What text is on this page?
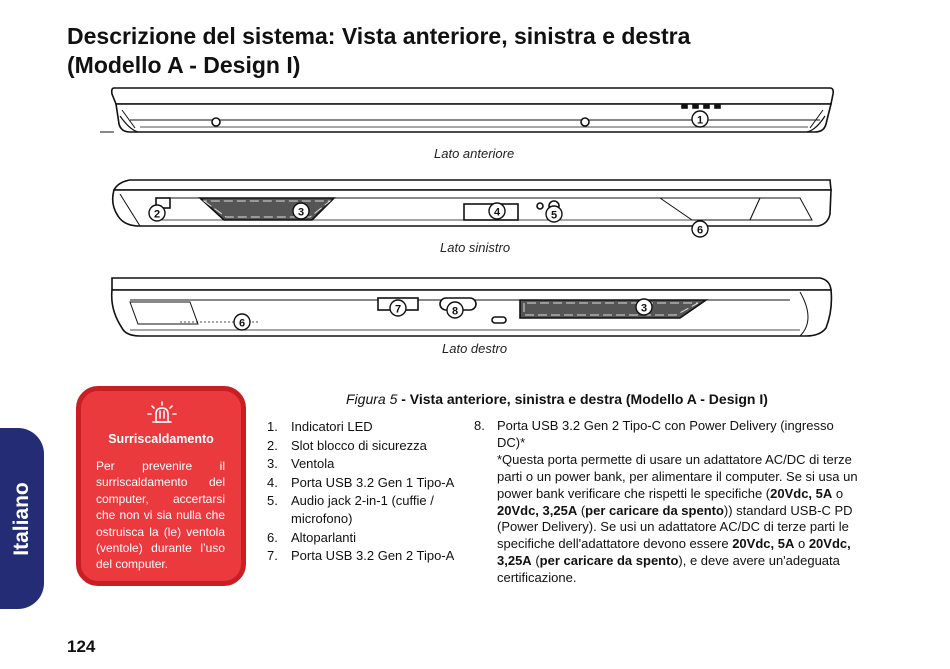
Descrizione del sistema: Vista anteriore, sinistra e destra
(Modello A - Design I)
1
2	3	4	5
6
6
7	8	3
Lato anteriore
Lato sinistro
Lato destro
Figura 5 - Vista anteriore, sinistra e destra (Modello A - Design I)
Surriscaldamento
Per prevenire il surriscaldamento del computer, accertarsi che non vi sia nulla che ostruisca la (le) ventola (ventole) durante l’uso del computer.
Italiano
1. Indicatori LED
2. Slot blocco di sicurezza
3. Ventola
4. Porta USB 3.2 Gen 1 Tipo-A
5. Audio jack 2-in-1 (cuffie / microfono)
6. Altoparlanti
7. Porta USB 3.2 Gen 2 Tipo-A
8. Porta USB 3.2 Gen 2 Tipo-C con Power Delivery (ingresso DC)*
*Questa porta permette di usare un adattatore AC/DC di terze parti o un power bank, per alimentare il computer. Se si usa un power bank verificare che rispetti le specifiche (20Vdc, 5A o 20Vdc, 3,25A (per caricare da spento)) standard USB-C PD (Power Delivery). Se usi un adattatore AC/DC di terze parti le specifiche dell'adattatore devono essere 20Vdc, 5A o 20Vdc, 3,25A (per caricare da spento), e deve avere un'adeguata certificazione.
124
